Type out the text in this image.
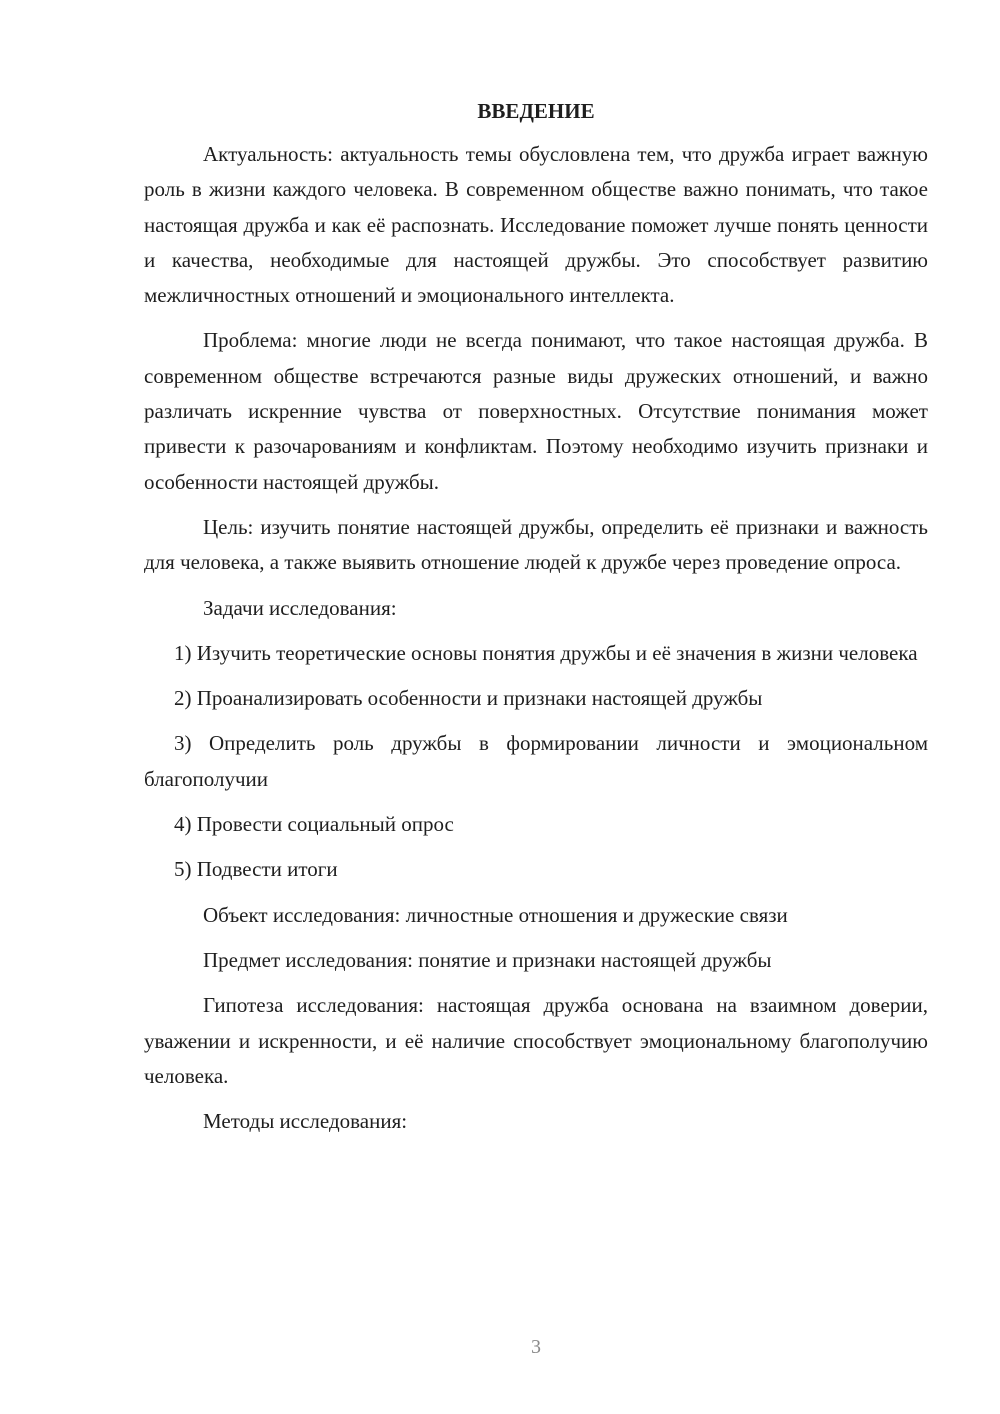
ВВЕДЕНИЕ

Актуальность: актуальность темы обусловлена тем, что дружба играет важную роль в жизни каждого человека. В современном обществе важно понимать, что такое настоящая дружба и как её распознать. Исследование поможет лучше понять ценности и качества, необходимые для настоящей дружбы. Это способствует развитию межличностных отношений и эмоционального интеллекта.

Проблема: многие люди не всегда понимают, что такое настоящая дружба. В современном обществе встречаются разные виды дружеских отношений, и важно различать искренние чувства от поверхностных. Отсутствие понимания может привести к разочарованиям и конфликтам. Поэтому необходимо изучить признаки и особенности настоящей дружбы.

Цель: изучить понятие настоящей дружбы, определить её признаки и важность для человека, а также выявить отношение людей к дружбе через проведение опроса.

Задачи исследования:

1) Изучить теоретические основы понятия дружбы и её значения в жизни человека

2) Проанализировать особенности и признаки настоящей дружбы

3) Определить роль дружбы в формировании личности и эмоциональном благополучии

4) Провести социальный опрос

5) Подвести итоги

Объект исследования: личностные отношения и дружеские связи

Предмет исследования: понятие и признаки настоящей дружбы

Гипотеза исследования: настоящая дружба основана на взаимном доверии, уважении и искренности, и её наличие способствует эмоциональному благополучию человека.

Методы исследования:

3
